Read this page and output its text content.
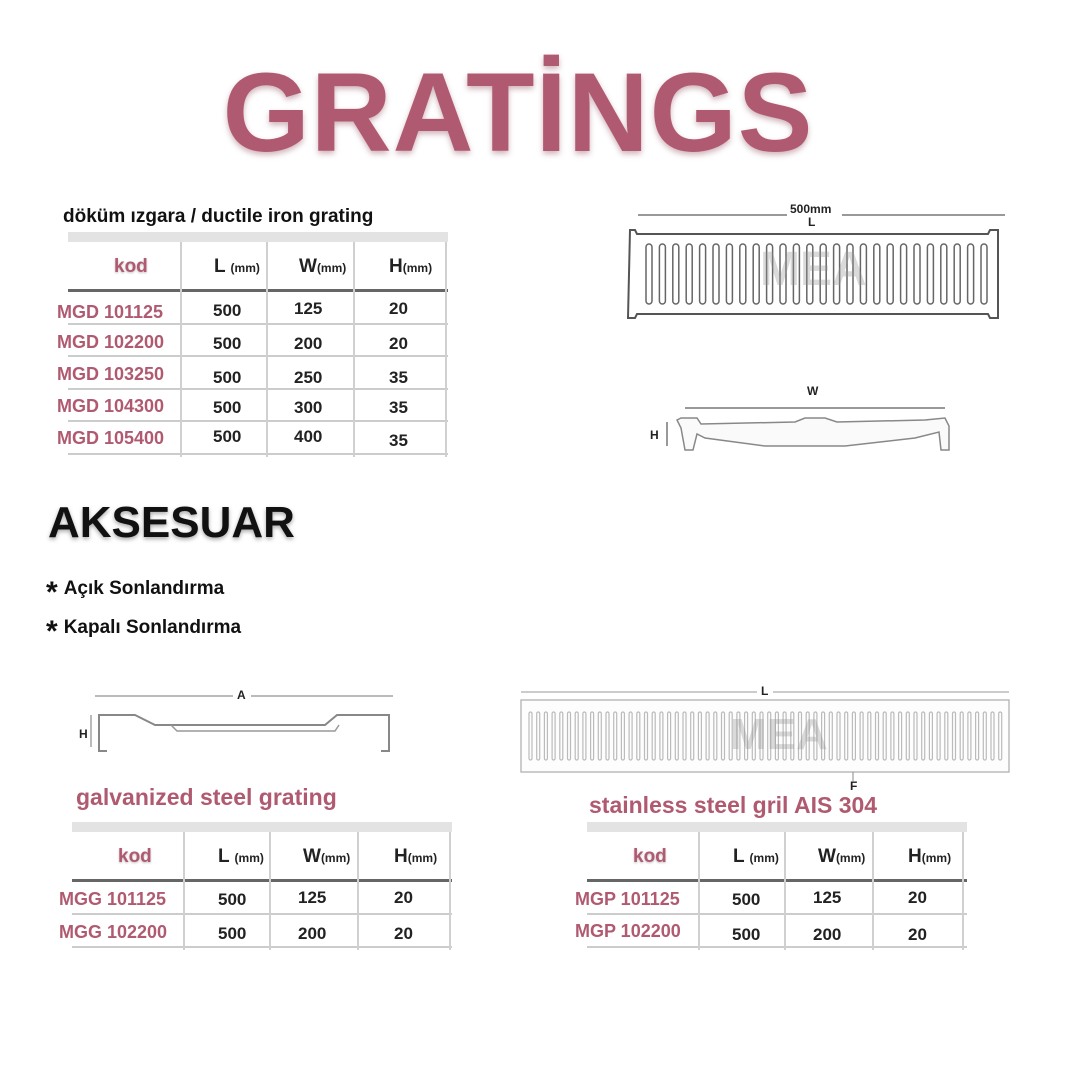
GRATİNGS
döküm ızgara / ductile iron grating
kod	L (mm) W(mm) H(mm)
MGD 101125	500	125	20
MGD 102200	500	200	20
MGD 103250	500	250	35
MGD 104300	500	300	35
MGD 105400	500	400	35
500mm
L
MEA
W
H
AKSESUAR
* Açık Sonlandırma
* Kapalı Sonlandırma
A
H
galvanized steel grating
kod	L (mm) W(mm) H(mm)
MGG 101125	500	125	20
MGG 102200	500	200	20
L
F
MEA
stainless steel gril AIS 304
kod	L (mm) W(mm) H(mm)
MGP 101125	500	125	20
MGP 102200	500	200	20
